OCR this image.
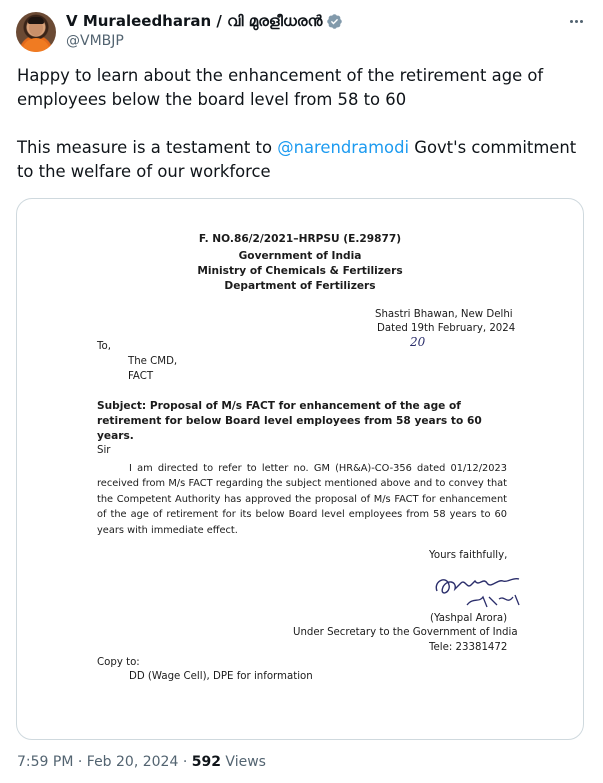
V Muraleedharan / വി മുരളീധരൻ
@VMBJP

Happy to learn about the enhancement of the retirement age of employees below the board level from 58 to 60

This measure is a testament to @narendramodi Govt's commitment to the welfare of our workforce

F. NO.86/2/2021–HRPSU (E.29877)
Government of India
Ministry of Chemicals & Fertilizers
Department of Fertilizers
Shastri Bhawan, New Delhi
Dated 19th February, 2024
20
To,
The CMD,
FACT
Subject: Proposal of M/s FACT for enhancement of the age of retirement for below Board level employees from 58 years to 60 years.
Sir
I am directed to refer to letter no. GM (HR&A)-CO-356 dated 01/12/2023 received from M/s FACT regarding the subject mentioned above and to convey that the Competent Authority has approved the proposal of M/s FACT for enhancement of the age of retirement for its below Board level employees from 58 years to 60 years with immediate effect.
Yours faithfully,
(Yashpal Arora)
Under Secretary to the Government of India
Tele: 23381472
Copy to:
DD (Wage Cell), DPE for information
7:59 PM · Feb 20, 2024 · 592 Views
